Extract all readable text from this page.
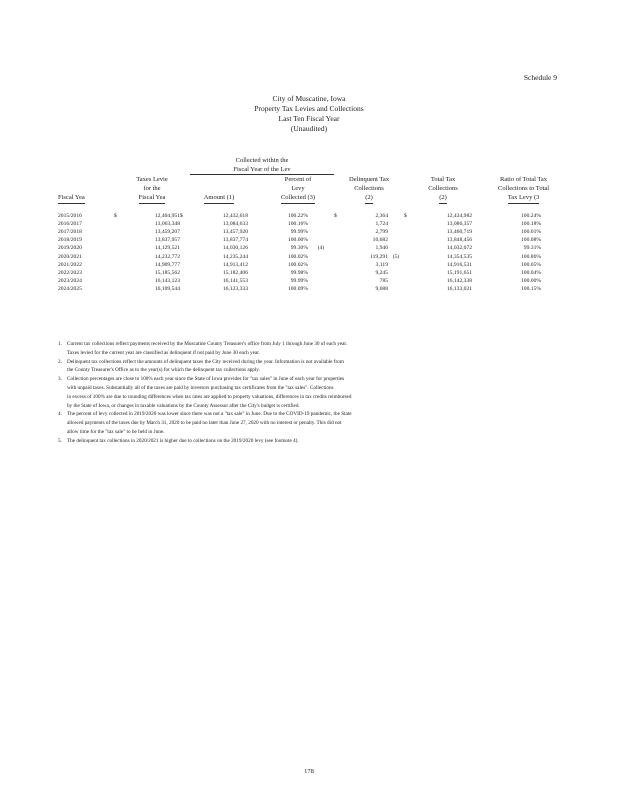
Schedule 9
City of Muscatine, Iowa
Property Tax Levies and Collections
Last Ten Fiscal Year
(Unaudited)
				Collected within the										
				Fiscal Year of the Lev										
		Taxes Levie				Percent of		Delinquent Tax				Total Tax		Ratio of Total Tax
		for the				Levy		Collections				Collections		Collections to Total
Fiscal Yea		Fiscal Yea		Amount (1)		Collected (3)		(2)				(2)		Tax Levy (3

2015/2016	$	12,404,951	$	12,432,618		100.22%		$	2,364		$	12,434,982		100.24%
2016/2017		13,063,348		13,084,633		100.16%			1,724			13,086,357		100.18%
2017/2018		13,459,207		13,457,920		99.99%			2,799			13,460,719		100.01%
2018/2019		13,837,957		13,837,774		100.00%			10,682			13,848,456		100.08%
2019/2020		14,129,521		14,030,126		99.30%	(4)		1,946			14,032,072		99.31%
2020/2021		14,232,772		14,235,244		100.02%			119,291	(5)		14,354,535		100.86%
2021/2022		14,909,777		14,913,412		100.02%			3,119			14,916,531		100.05%
2022/2023		15,185,562		15,182,406		99.98%			9,245			15,191,651		100.04%
2023/2024		16,143,123		16,141,553		99.99%			785			16,142,338		100.00%
2024/2025		16,109,544		16,123,333		100.09%			9,688			16,133,021		100.15%
1. Current tax collections reflect payments received by the Muscatine County Treasurer's office from July 1 through June 30 of each year.
Taxes levied for the current year are classified as delinquent if not paid by June 30 each year.
2. Delinquent tax collections reflect the amounts of delinquent taxes the City received during the year. Information is not available from
the County Treasurer's Office as to the year(s) for which the delinquent tax collections apply.
3. Collection percentages are close to 100% each year since the State of Iowa provides for "tax sales" in June of each year for properties
with unpaid taxes. Substantially all of the taxes are paid by investors purchasing tax certificates from the "tax sales". Collections
in excess of 100% are due to rounding differences when tax rates are applied to property valuations, differences in tax credits reimbursed
by the State of Iowa, or changes in taxable valuations by the County Assessor after the City's budget is certified.
4. The percent of levy collected in 2019/2020 was lower since there was not a "tax sale" in June. Due to the COVID-19 pandemic, the State
allowed payments of the taxes due by March 31, 2020 to be paid no later than June 27, 2020 with no interest or penalty. This did not
allow time for the "tax sale" to be held in June.
5. The delinquent tax collections in 2020/2021 is higher due to collections on the 2019/2020 levy (see footnote 4).
178
